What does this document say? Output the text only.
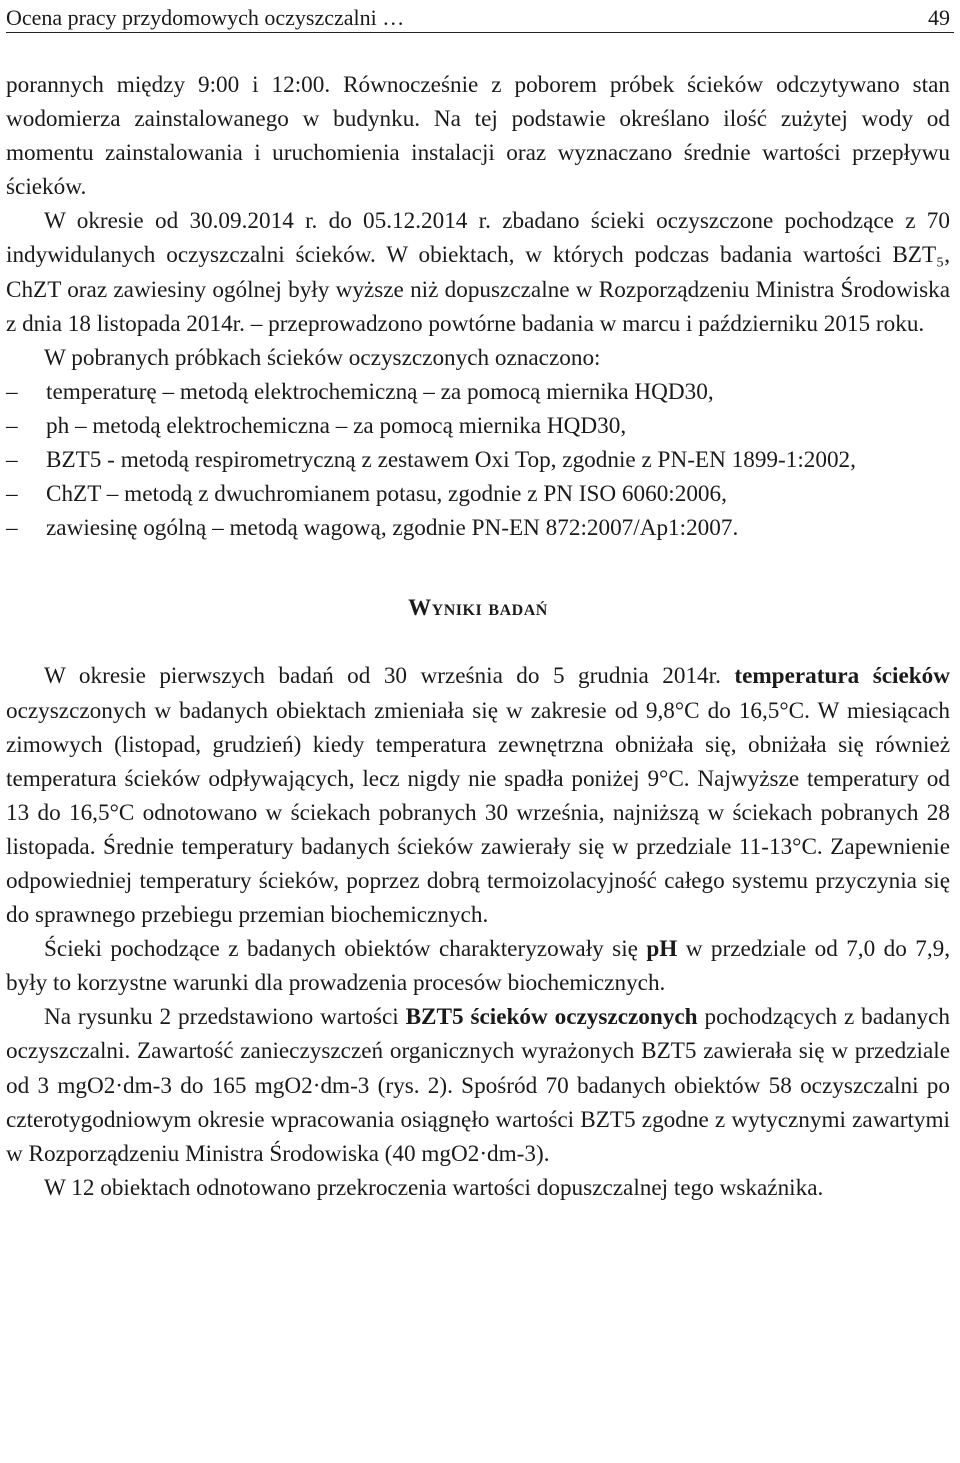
Ocena pracy przydomowych oczyszczalni …	49

porannych między 9:00 i 12:00. Równocześnie z poborem próbek ścieków odczytywano stan wodomierza zainstalowanego w budynku. Na tej podstawie określano ilość zużytej wody od momentu zainstalowania i uruchomienia instalacji oraz wyznaczano średnie wartości przepływu ścieków.

W okresie od 30.09.2014 r. do 05.12.2014 r. zbadano ścieki oczyszczone pochodzące z 70 indywidulanych oczyszczalni ścieków. W obiektach, w których podczas badania wartości BZT₅, ChZT oraz zawiesiny ogólnej były wyższe niż dopuszczalne w Rozporządzeniu Ministra Środowiska z dnia 18 listopada 2014r. – przeprowadzono powtórne badania w marcu i październiku 2015 roku.

W pobranych próbkach ścieków oczyszczonych oznaczono:

–	temperaturę – metodą elektrochemiczną – za pomocą miernika HQD30,
–	ph – metodą elektrochemiczna – za pomocą miernika HQD30,
–	BZT5 - metodą respirometryczną z zestawem Oxi Top, zgodnie z PN-EN 1899-1:2002,
–	ChZT – metodą z dwuchromianem potasu, zgodnie z PN ISO 6060:2006,
–	zawiesinę ogólną – metodą wagową, zgodnie PN-EN 872:2007/Ap1:2007.
Wyniki badań

W okresie pierwszych badań od 30 września do 5 grudnia 2014r. temperatura ścieków oczyszczonych w badanych obiektach zmieniała się w zakresie od 9,8°C do 16,5°C. W miesiącach zimowych (listopad, grudzień) kiedy temperatura zewnętrzna obniżała się, obniżała się również temperatura ścieków odpływających, lecz nigdy nie spadła poniżej 9°C. Najwyższe temperatury od 13 do 16,5°C odnotowano w ściekach pobranych 30 września, najniższą w ściekach pobranych 28 listopada. Średnie temperatury badanych ścieków zawierały się w przedziale 11-13°C. Zapewnienie odpowiedniej temperatury ścieków, poprzez dobrą termoizolacyjność całego systemu przyczynia się do sprawnego przebiegu przemian biochemicznych.

Ścieki pochodzące z badanych obiektów charakteryzowały się pH w przedziale od 7,0 do 7,9, były to korzystne warunki dla prowadzenia procesów biochemicznych.

Na rysunku 2 przedstawiono wartości BZT5 ścieków oczyszczonych pochodzących z badanych oczyszczalni. Zawartość zanieczyszczeń organicznych wyrażonych BZT5 zawierała się w przedziale od 3 mgO2·dm-3 do 165 mgO2·dm-3 (rys. 2). Spośród 70 badanych obiektów 58 oczyszczalni po czterotygodniowym okresie wpracowania osiągnęło wartości BZT5 zgodne z wytycznymi zawartymi w Rozporządzeniu Ministra Środowiska (40 mgO2·dm-3).

W 12 obiektach odnotowano przekroczenia wartości dopuszczalnej tego wskaźnika.
